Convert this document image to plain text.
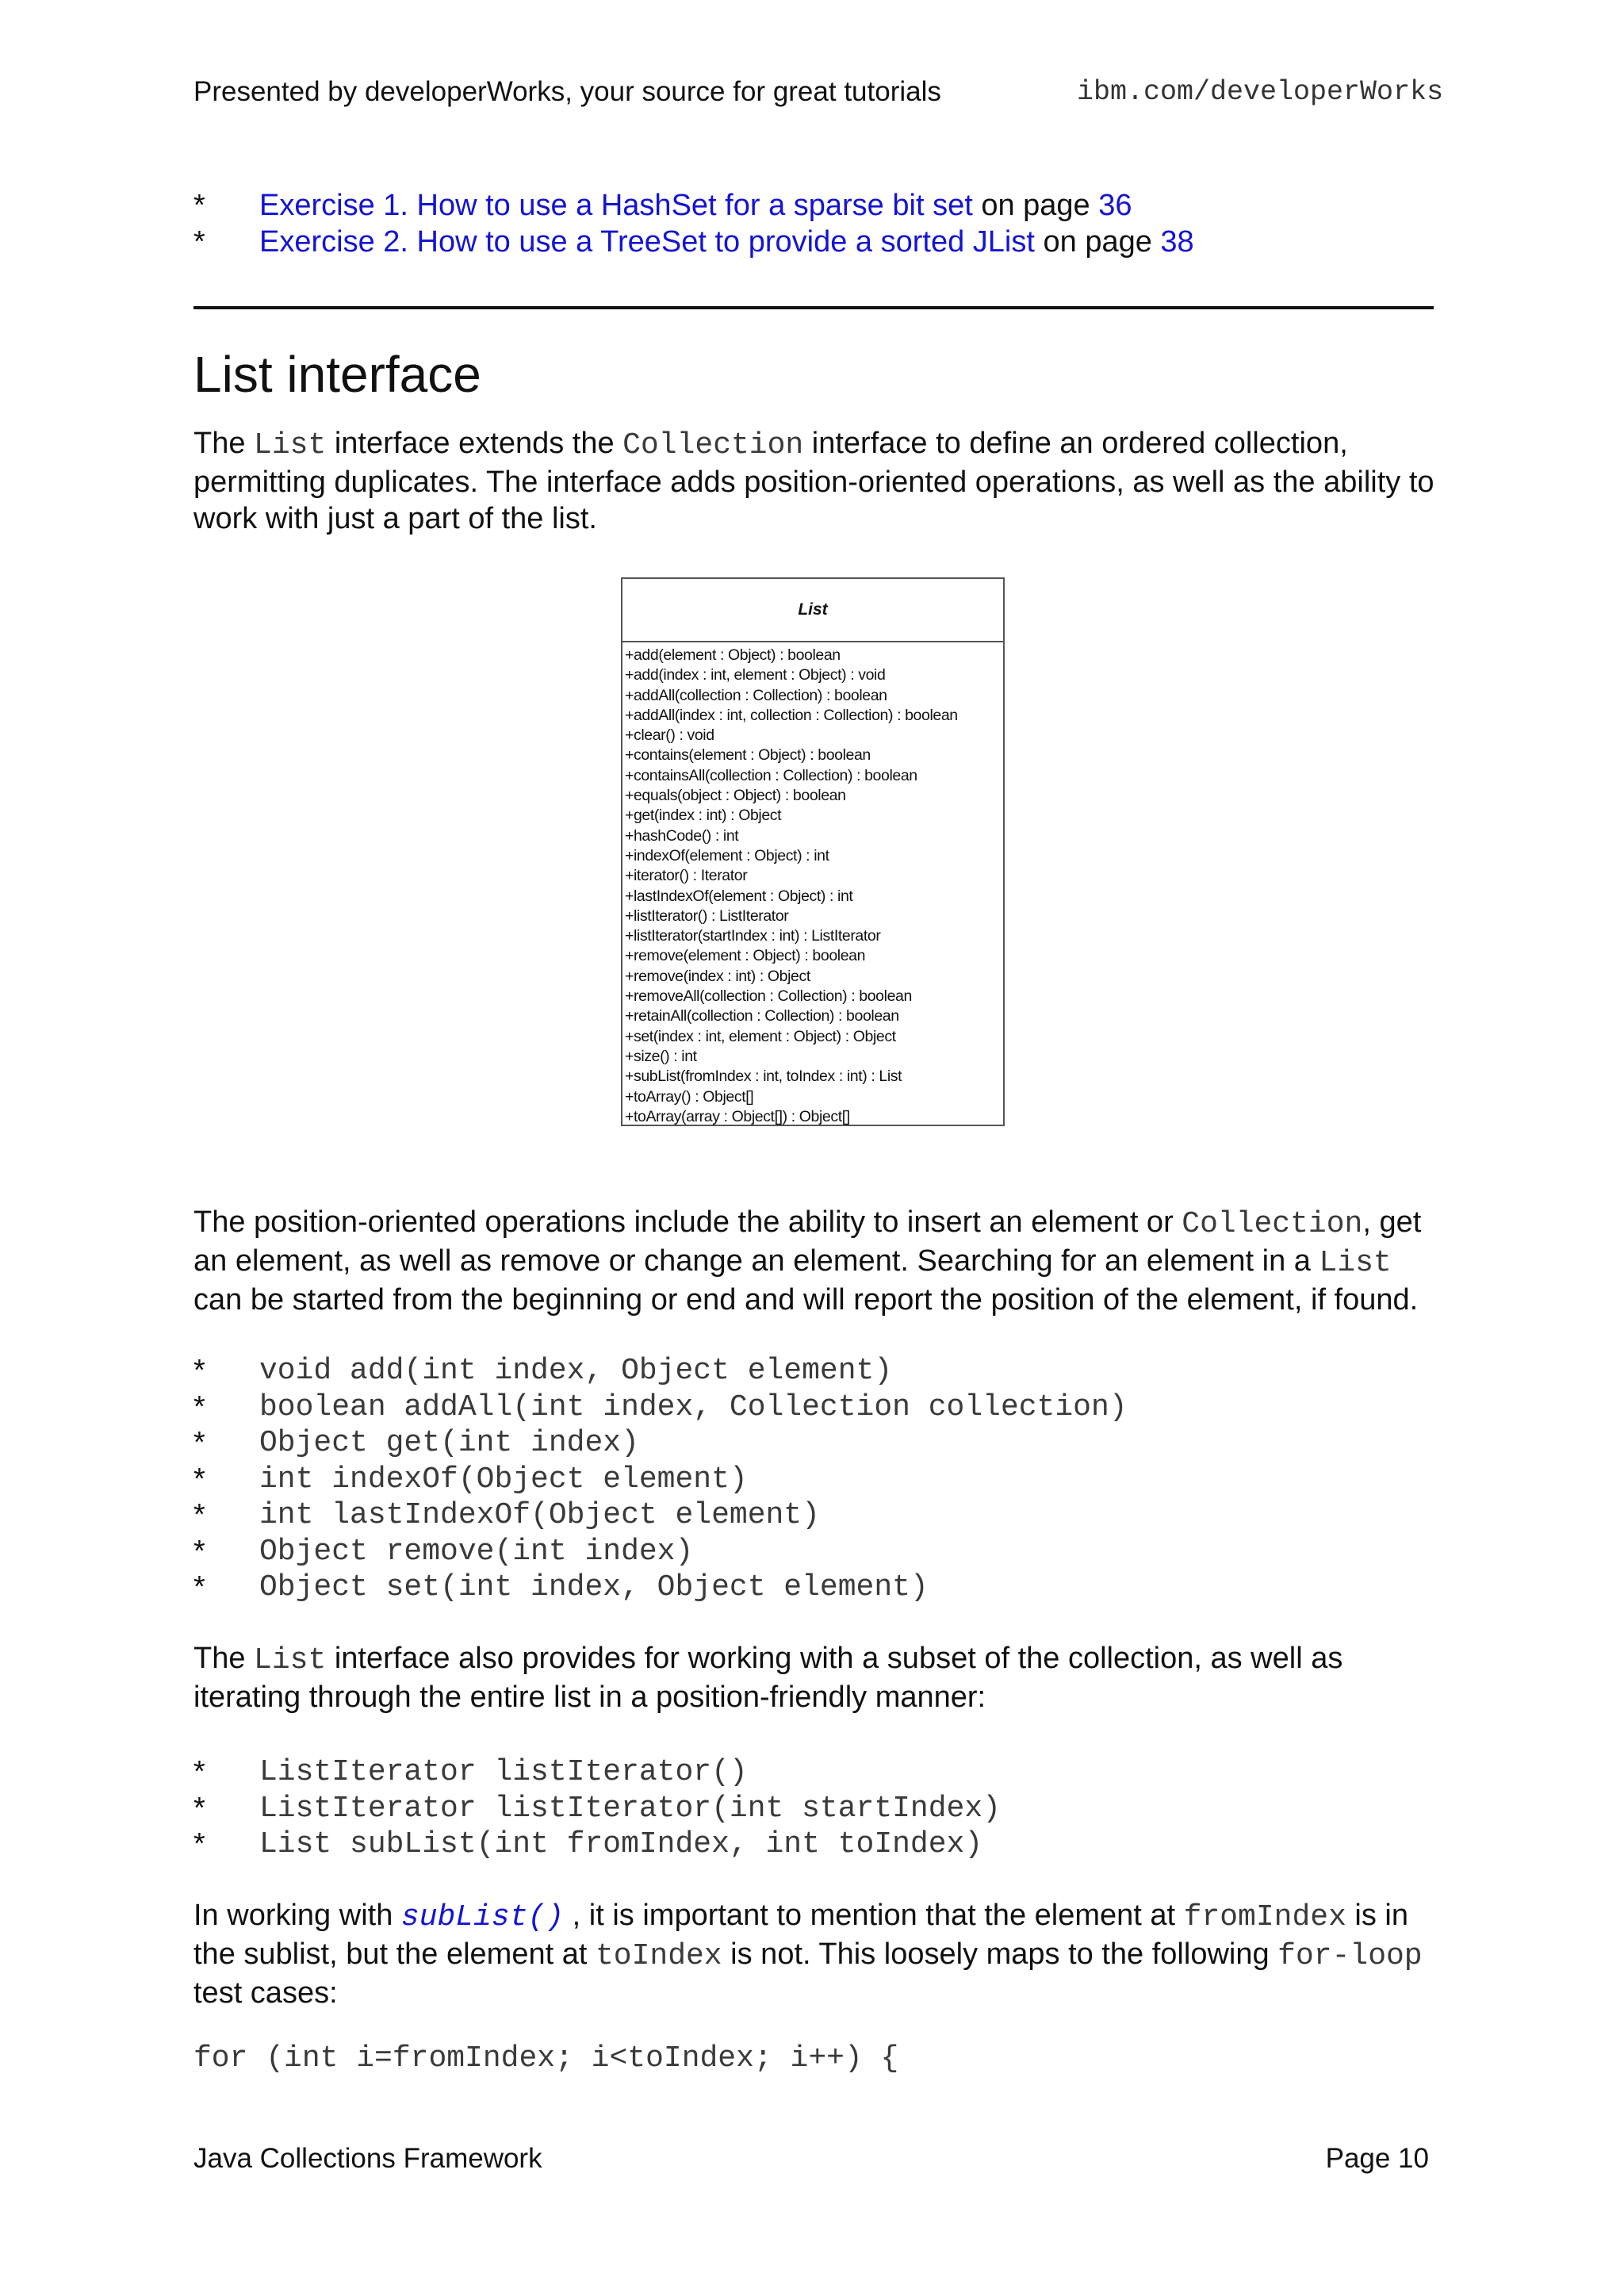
Presented by developerWorks, your source for great tutorials	ibm.com/developerWorks
*	Exercise 1. How to use a HashSet for a sparse bit set on page 36
*	Exercise 2. How to use a TreeSet to provide a sorted JList on page 38
List interface
The List interface extends the Collection interface to define an ordered collection, permitting duplicates. The interface adds position-oriented operations, as well as the ability to work with just a part of the list.
List
+add(element : Object) : boolean
+add(index : int, element : Object) : void
+addAll(collection : Collection) : boolean
+addAll(index : int, collection : Collection) : boolean
+clear() : void
+contains(element : Object) : boolean
+containsAll(collection : Collection) : boolean
+equals(object : Object) : boolean
+get(index : int) : Object
+hashCode() : int
+indexOf(element : Object) : int
+iterator() : Iterator
+lastIndexOf(element : Object) : int
+listIterator() : ListIterator
+listIterator(startIndex : int) : ListIterator
+remove(element : Object) : boolean
+remove(index : int) : Object
+removeAll(collection : Collection) : boolean
+retainAll(collection : Collection) : boolean
+set(index : int, element : Object) : Object
+size() : int
+subList(fromIndex : int, toIndex : int) : List
+toArray() : Object[]
+toArray(array : Object[]) : Object[]
The position-oriented operations include the ability to insert an element or Collection, get an element, as well as remove or change an element. Searching for an element in a List can be started from the beginning or end and will report the position of the element, if found.
*	void add(int index, Object element)
*	boolean addAll(int index, Collection collection)
*	Object get(int index)
*	int indexOf(Object element)
*	int lastIndexOf(Object element)
*	Object remove(int index)
*	Object set(int index, Object element)
The List interface also provides for working with a subset of the collection, as well as iterating through the entire list in a position-friendly manner:
*	ListIterator listIterator()
*	ListIterator listIterator(int startIndex)
*	List subList(int fromIndex, int toIndex)
In working with subList() , it is important to mention that the element at fromIndex is in the sublist, but the element at toIndex is not. This loosely maps to the following for-loop test cases:
for (int i=fromIndex; i<toIndex; i++) {
Java Collections Framework	Page 10
